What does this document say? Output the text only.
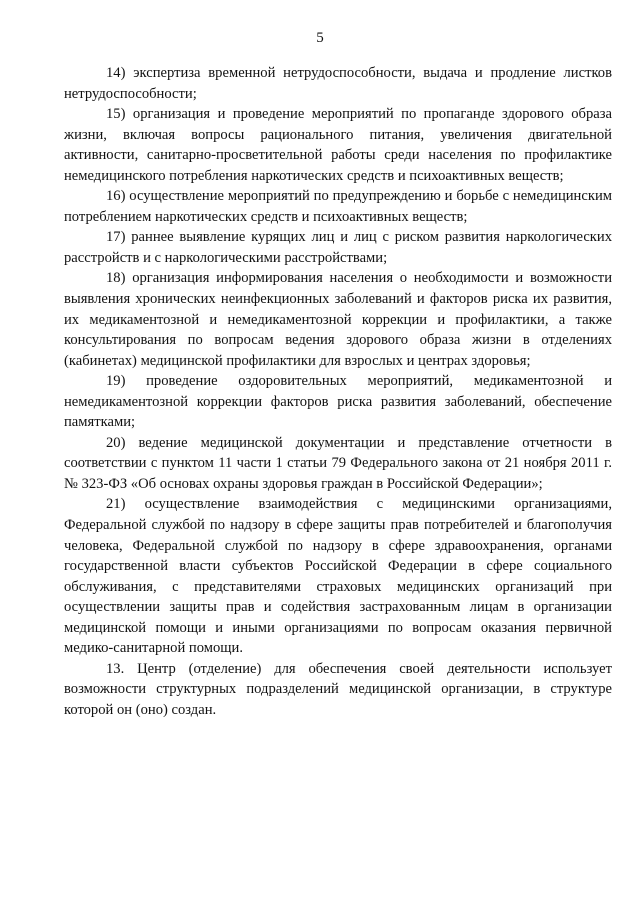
5

14) экспертиза временной нетрудоспособности, выдача и продление листков нетрудоспособности;

15) организация и проведение мероприятий по пропаганде здорового образа жизни, включая вопросы рационального питания, увеличения двигательной активности, санитарно-просветительной работы среди населения по профилактике немедицинского потребления наркотических средств и психоактивных веществ;

16) осуществление мероприятий по предупреждению и борьбе с немедицинским потреблением наркотических средств и психоактивных веществ;

17) раннее выявление курящих лиц и лиц с риском развития наркологических расстройств и с наркологическими расстройствами;

18) организация информирования населения о необходимости и возможности выявления хронических неинфекционных заболеваний и факторов риска их развития, их медикаментозной и немедикаментозной коррекции и профилактики, а также консультирования по вопросам ведения здорового образа жизни в отделениях (кабинетах) медицинской профилактики для взрослых и центрах здоровья;

19) проведение оздоровительных мероприятий, медикаментозной и немедикаментозной коррекции факторов риска развития заболеваний, обеспечение памятками;

20) ведение медицинской документации и представление отчетности в соответствии с пунктом 11 части 1 статьи 79 Федерального закона от 21 ноября 2011 г. № 323-ФЗ «Об основах охраны здоровья граждан в Российской Федерации»;

21) осуществление взаимодействия с медицинскими организациями, Федеральной службой по надзору в сфере защиты прав потребителей и благополучия человека, Федеральной службой по надзору в сфере здравоохранения, органами государственной власти субъектов Российской Федерации в сфере социального обслуживания, с представителями страховых медицинских организаций при осуществлении защиты прав и содействия застрахованным лицам в организации медицинской помощи и иными организациями по вопросам оказания первичной медико-санитарной помощи.

13. Центр (отделение) для обеспечения своей деятельности использует возможности структурных подразделений медицинской организации, в структуре которой он (оно) создан.
